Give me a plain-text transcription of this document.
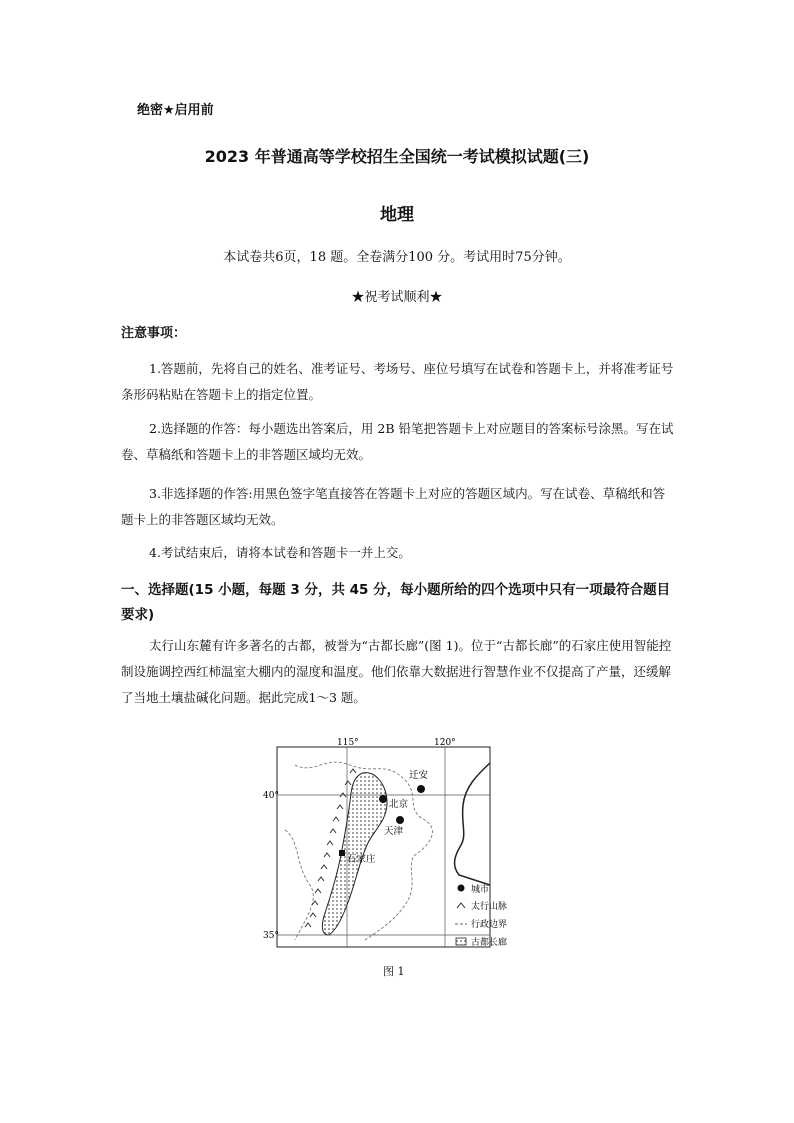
绝密★启用前
2023 年普通高等学校招生全国统一考试模拟试题(三)
地理
本试卷共6页，18 题。全卷满分100 分。考试用时75分钟。
★祝考试顺利★
注意事项：
1.答题前，先将自己的姓名、准考证号、考场号、座位号填写在试卷和答题卡上，并将准考证号条形码粘贴在答题卡上的指定位置。
2.选择题的作答：每小题选出答案后，用 2B 铅笔把答题卡上对应题目的答案标号涂黑。写在试卷、草稿纸和答题卡上的非答题区域均无效。
3.非选择题的作答:用黑色签字笔直接答在答题卡上对应的答题区域内。写在试卷、草稿纸和答题卡上的非答题区域均无效。
4.考试结束后，请将本试卷和答题卡一并上交。
一、选择题(15 小题，每题 3 分，共 45 分，每小题所给的四个选项中只有一项最符合题目要求)
太行山东麓有许多著名的古都，被誉为“古都长廊”(图 1)。位于“古都长廊”的石家庄使用智能控制设施调控西红柿温室大棚内的湿度和温度。他们依靠大数据进行智慧作业不仅提高了产量，还缓解了当地土壤盐碱化问题。据此完成1～3 题。
115°	120°
40°
35°
迁安
北京
天津
石家庄
城市
太行山脉
行政边界
古都长廊
图 1
